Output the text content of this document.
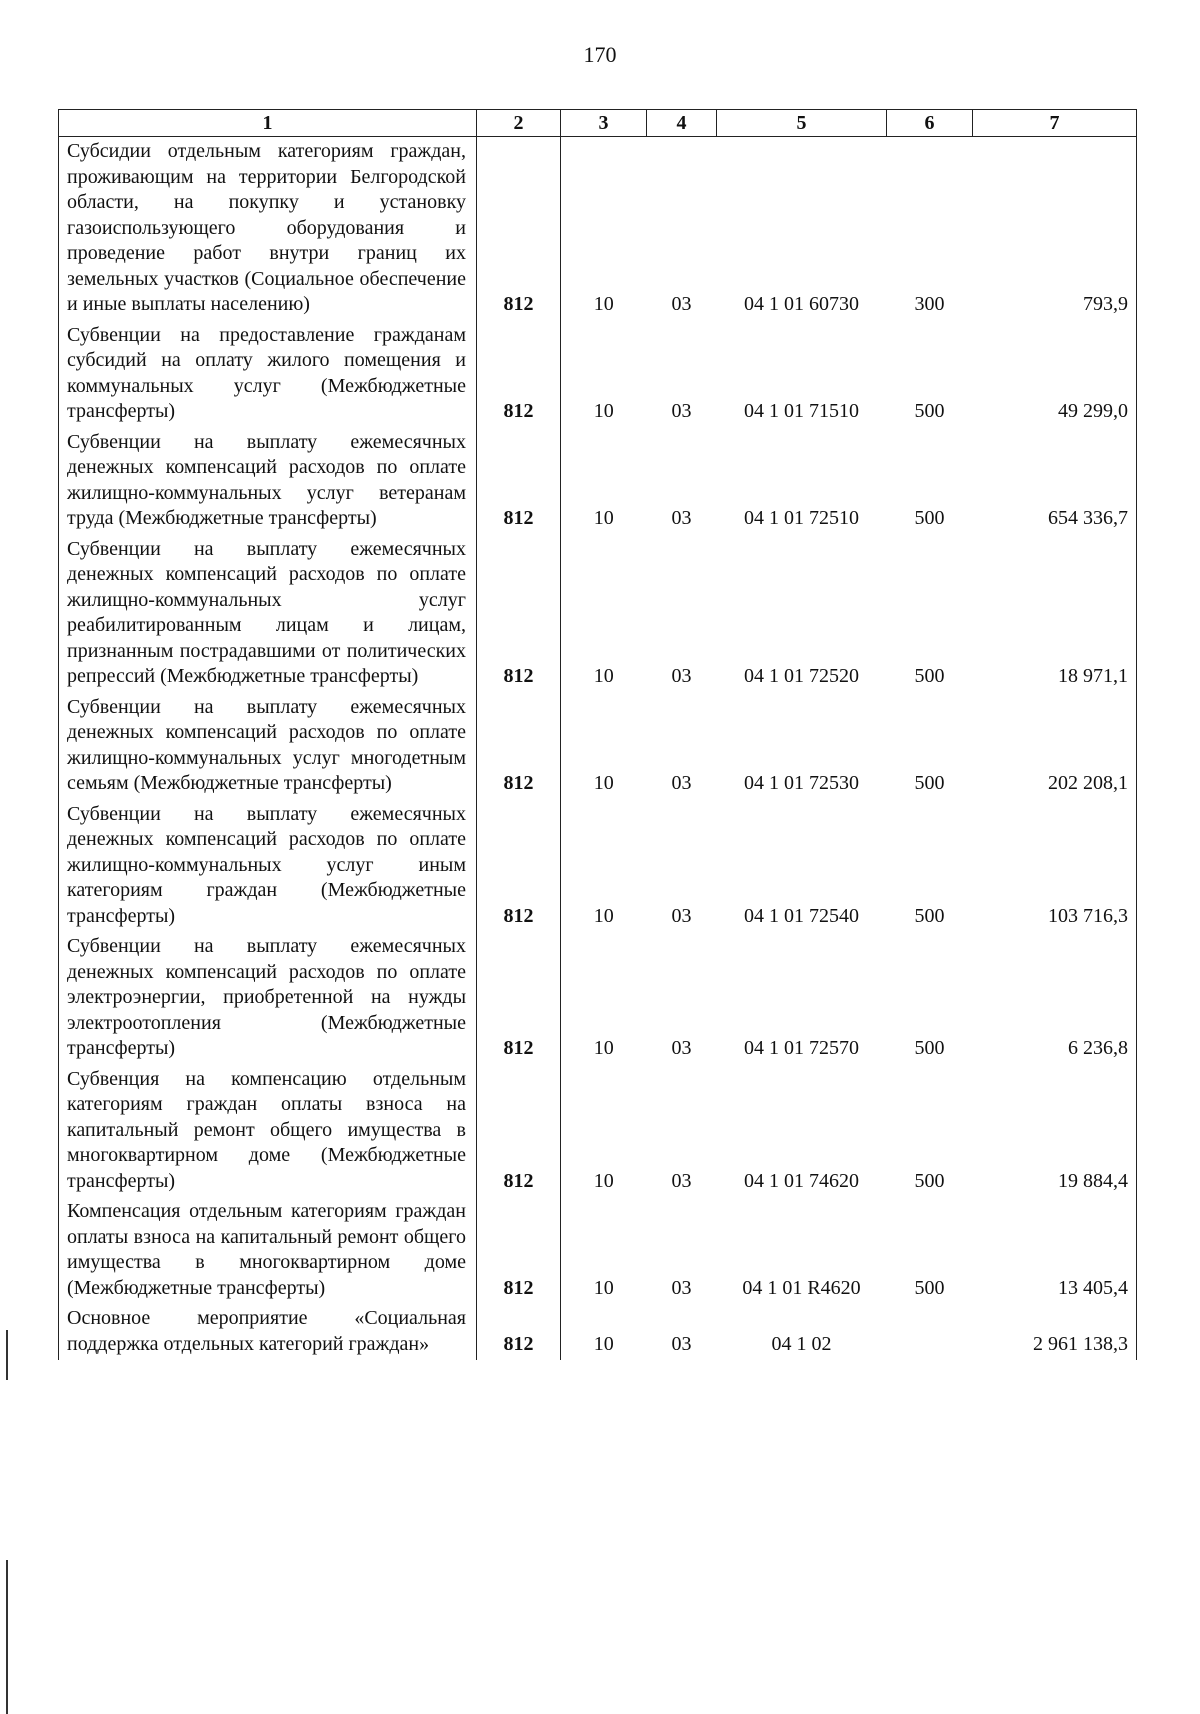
170
1	2	3	4	5	6	7
Субсидии отдельным категориям граждан, проживающим на территории Белгородской области, на покупку и установку газоиспользующего оборудования и проведение работ внутри границ их земельных участков (Социальное обеспечение и иные выплаты населению)	812	10	03	04 1 01 60730	300	793,9
Субвенции на предоставление гражданам субсидий на оплату жилого помещения и коммунальных услуг (Межбюджетные трансферты)	812	10	03	04 1 01 71510	500	49 299,0
Субвенции на выплату ежемесячных денежных компенсаций расходов по оплате жилищно-коммунальных услуг ветеранам труда (Межбюджетные трансферты)	812	10	03	04 1 01 72510	500	654 336,7
Субвенции на выплату ежемесячных денежных компенсаций расходов по оплате жилищно-коммунальных услуг реабилитированным лицам и лицам, признанным пострадавшими от политических репрессий (Межбюджетные трансферты)	812	10	03	04 1 01 72520	500	18 971,1
Субвенции на выплату ежемесячных денежных компенсаций расходов по оплате жилищно-коммунальных услуг многодетным семьям (Межбюджетные трансферты)	812	10	03	04 1 01 72530	500	202 208,1
Субвенции на выплату ежемесячных денежных компенсаций расходов по оплате жилищно-коммунальных услуг иным категориям граждан (Межбюджетные трансферты)	812	10	03	04 1 01 72540	500	103 716,3
Субвенции на выплату ежемесячных денежных компенсаций расходов по оплате электроэнергии, приобретенной на нужды электроотопления (Межбюджетные трансферты)	812	10	03	04 1 01 72570	500	6 236,8
Субвенция на компенсацию отдельным категориям граждан оплаты взноса на капитальный ремонт общего имущества в многоквартирном доме (Межбюджетные трансферты)	812	10	03	04 1 01 74620	500	19 884,4
Компенсация отдельным категориям граждан оплаты взноса на капитальный ремонт общего имущества в многоквартирном доме (Межбюджетные трансферты)	812	10	03	04 1 01 R4620	500	13 405,4
Основное мероприятие «Социальная поддержка отдельных категорий граждан»	812	10	03	04 1 02		2 961 138,3
